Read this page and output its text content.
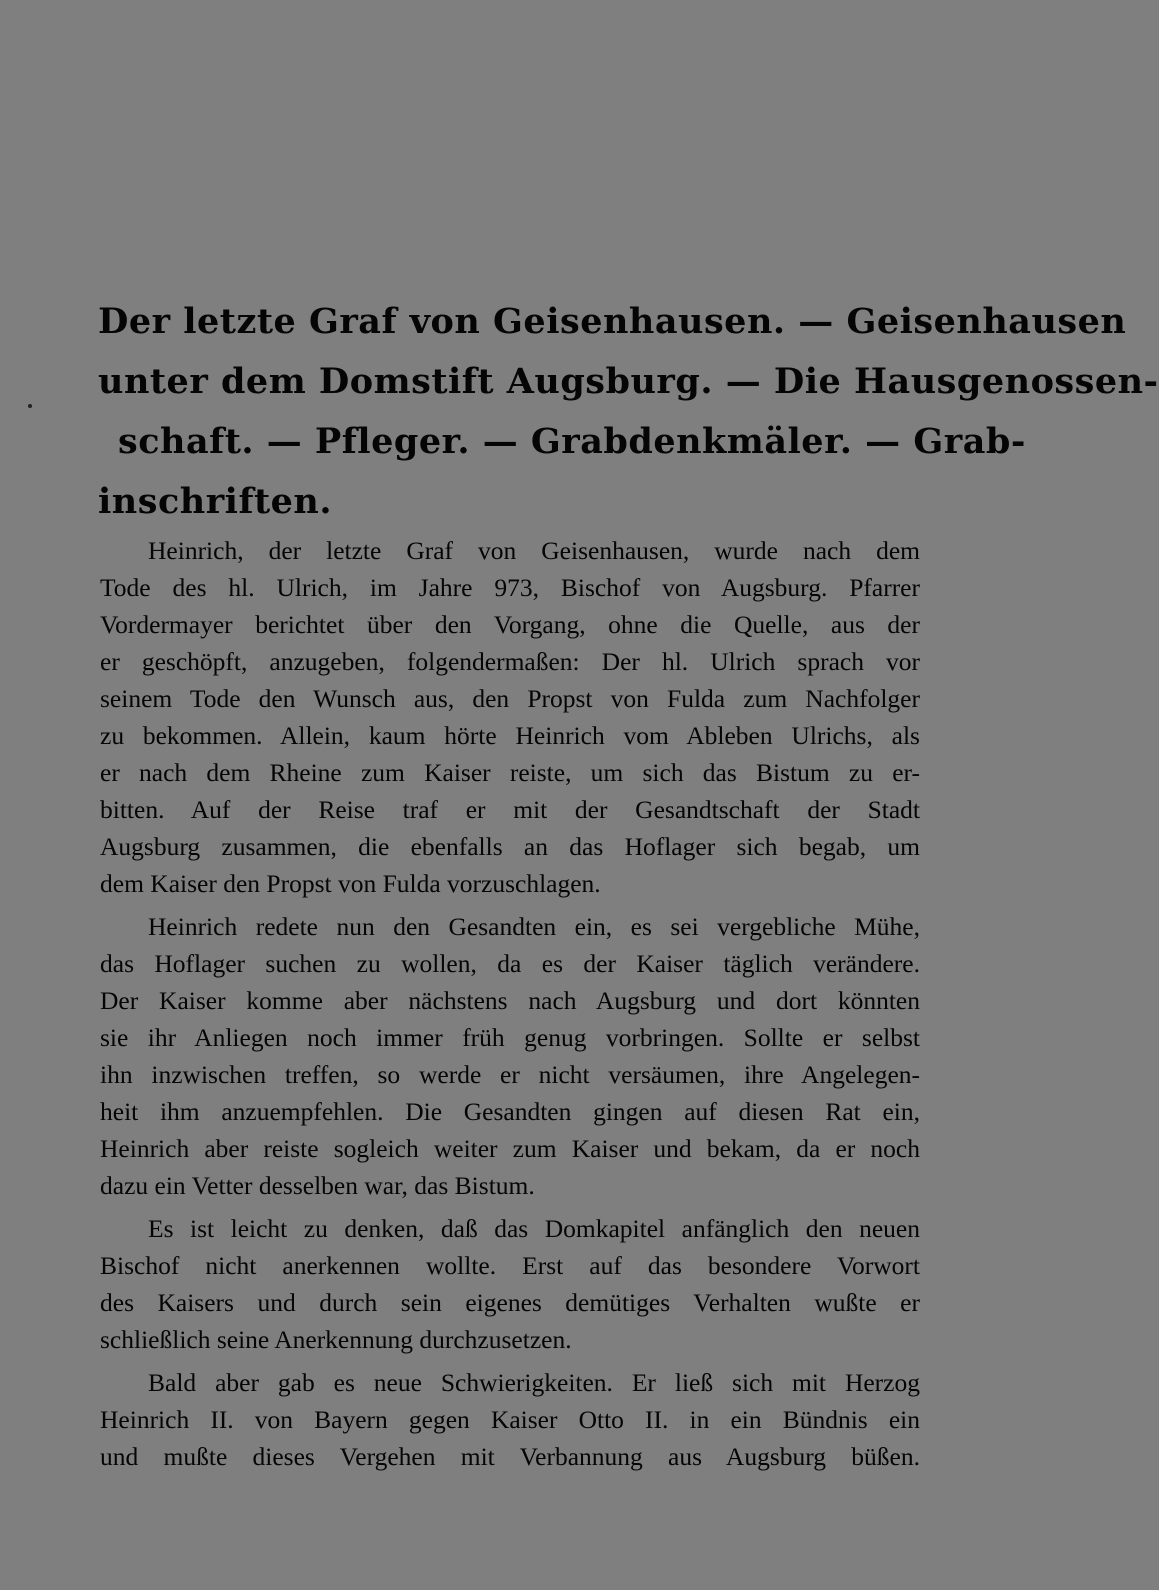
Der letzte Graf von Geisenhausen. — Geisenhausen
unter dem Domstift Augsburg. — Die Hausgenossen-
schaft. — Pfleger. — Grabdenkmäler. — Grab-
inschriften.
Heinrich, der letzte Graf von Geisenhausen, wurde nach dem
Tode des hl. Ulrich, im Jahre 973, Bischof von Augsburg. Pfarrer
Vordermayer berichtet über den Vorgang, ohne die Quelle, aus der
er geschöpft, anzugeben, folgendermaßen: Der hl. Ulrich sprach vor
seinem Tode den Wunsch aus, den Propst von Fulda zum Nachfolger
zu bekommen. Allein, kaum hörte Heinrich vom Ableben Ulrichs, als
er nach dem Rheine zum Kaiser reiste, um sich das Bistum zu er-
bitten. Auf der Reise traf er mit der Gesandtschaft der Stadt
Augsburg zusammen, die ebenfalls an das Hoflager sich begab, um
dem Kaiser den Propst von Fulda vorzuschlagen.
Heinrich redete nun den Gesandten ein, es sei vergebliche Mühe,
das Hoflager suchen zu wollen, da es der Kaiser täglich verändere.
Der Kaiser komme aber nächstens nach Augsburg und dort könnten
sie ihr Anliegen noch immer früh genug vorbringen. Sollte er selbst
ihn inzwischen treffen, so werde er nicht versäumen, ihre Angelegen-
heit ihm anzuempfehlen. Die Gesandten gingen auf diesen Rat ein,
Heinrich aber reiste sogleich weiter zum Kaiser und bekam, da er noch
dazu ein Vetter desselben war, das Bistum.
Es ist leicht zu denken, daß das Domkapitel anfänglich den neuen
Bischof nicht anerkennen wollte. Erst auf das besondere Vorwort
des Kaisers und durch sein eigenes demütiges Verhalten wußte er
schließlich seine Anerkennung durchzusetzen.
Bald aber gab es neue Schwierigkeiten. Er ließ sich mit Herzog
Heinrich II. von Bayern gegen Kaiser Otto II. in ein Bündnis ein
und mußte dieses Vergehen mit Verbannung aus Augsburg büßen.
